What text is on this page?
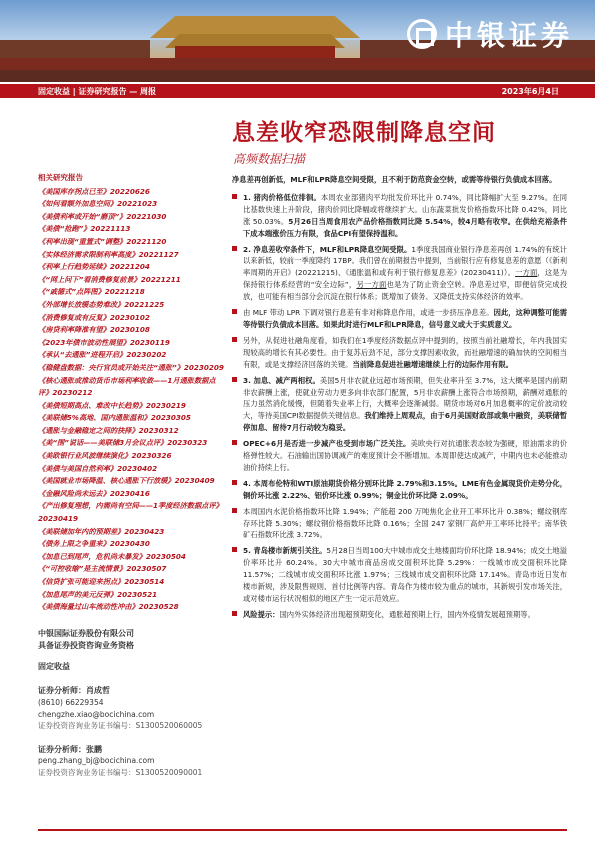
中银证券
固定收益 | 证券研究报告 — 周报	2023年6月4日
息差收窄恐限制降息空间
高频数据扫描
相关研究报告
《美国库存拐点已至》20220626
《如何看额外加息空间》20221023
《美债利率或开始“磨顶”》20221030
《美债“抢跑”》20221113
《利率出现“重置式”调整》20221120
《实体经济需求限制利率高度》20221127
《利率上行趋势延续》20221204
《“网上问下”看消费修复前景》20221211
《“戚德式”点阵图》20221218
《外部增长放缓态势难改》20221225
《消费修复或有反复》20230102
《房贷利率降准有望》20230108
《2023年债市波动性展望》20230119
《承认“去通胀”进程开启》20230202
《稳健盘数据：央行官员或开始关注“通胀”》20230209
《核心通胀或推动货币市场利率收敛——1月通胀数据点评》20230212
《美债短期高点、难改中长趋势》20230219
《美联储5%高地、国内通胀温和》20230305
《通胀与金融稳定之间的抉择》20230312
《美“围”说话——美联储3月会议点评》20230323
《美欧银行业风波继续演化》20230326
《美债与美国自然利率》20230402
《美国就业市场降温、核心通胀下行放缓》20230409
《金融风险尚未远去》20230416
《产出修复理想，内需尚有空间——1季度经济数据点评》20230419
《美联储加年内的预期差》20230423
《债务上限之争重来》20230430
《加息已到尾声，危机尚未暴发》20230504
《“可控收缩”是主流情景》20230507
《信贷扩张可能迎来拐点》20230514
《加息尾声的美元反弹》20230521
《美债海量过山车流动性冲击》20230528
中银国际证券股份有限公司
具备证券投资咨询业务资格
固定收益
证券分析师：肖成哲
(8610) 66229354
chengzhe.xiao@bocichina.com
证券投资咨询业务证书编号：S1300520060005
证券分析师：张鹏
peng.zhang_bj@bocichina.com
证券投资咨询业务证书编号：S1300520090001
净息差再创新低，MLF和LPR降息空间受限，且不利于防范资金空转，或需等待银行负债成本回落。
1. 猪肉价格低位徘徊。本周农业部猪肉平均批发价环比升 0.74%，同比降幅扩大至 9.27%。在同比基数快速上升阶段，猪肉价同比降幅或将继续扩大。山东蔬菜批发价格指数环比降 0.42%，同比涨 50.03%。5月26日当周食用农产品价格指数同比降 5.54%，较4月略有收窄。在供给充裕条件下成本端涨价压力有限，食品CPI有望保持温和。
2. 净息差收窄条件下，MLF和LPR降息空间受限。1季度我国商业银行净息差再创 1.74%的有统计以来新低，较前一季度降约 17BP。我们曾在前期报告中提到，当前银行应有修复息差的意愿（《新利率周期的开启》(20221215)、《通胀温和或有利于银行修复息差》(20230411)）。一方面，这是为保持银行体系经营的“安全边际”，另一方面也是为了防止资金空转。净息差过窄，即便信贷完成投放，也可能有相当部分会沉淀在银行体系；既增加了债务、又降低支持实体经济的效率。
由 MLF 带动 LPR 下调对银行息差有非对称降息作用，或进一步挤压净息差。因此，这种调整可能需等待银行负债成本回落。如果此时进行MLF和LPR降息，信号意义或大于实质意义。
另外，从促进社融角度看，如我们在1季度经济数据点评中提到的，按照当前社融增长，年内我国实现较高的增长有其必要性。由于复苏后劲不足，部分支撑因素收敛，而社融增速的确加快的空间相当有限，或是支撑经济回落的关键。当前降息促进社融增速继续上行的边际作用有限。
3. 加息、减产两相权。美国5月非农就业远超市场预期，但失业率升至 3.7%，这大概率是国内前期非农薪酬上涨，使就业劳动力更多向非农部门配置，5月非农薪酬上涨符合市场预期，薪酬对通胀的压力虽然消化缓慢，但随着失业率上行，大概率会逐渐减弱。期货市场对6月加息概率的定价波动较大，等待美国CPI数据提供关键信息。我们维持上周观点，由于6月美国财政部或集中融资，美联储暂停加息、留待7月行动较为稳妥。
OPEC+6月是否进一步减产也受到市场广泛关注。美欧央行对抗通胀表态较为强硬，原油需求的价格弹性较大。石油输出国协调减产的难度预计会不断增加。本周即使达成减产，中期内也未必能推动油价持续上行。
4. 本周布伦特和WTI原油期货价格分别环比降 2.79%和3.15%。LME有色金属现货价走势分化，铜价环比涨 2.22%、铝价环比涨 0.99%；铜金比价环比降 2.09%。
本周国内水泥价格指数环比降 1.94%；产能超 200 万吨焦化企业开工率环比升 0.38%；螺纹钢库存环比降 5.30%；螺纹钢价格指数环比降 0.16%；全国 247 家钢厂高炉开工率环比持平；南华铁矿石指数环比涨 3.72%。
5. 青岛楼市新规引关注。5月28日当周100大中城市成交土地楼面均价环比降 18.94%；成交土地溢价率环比升 60.24%。30大中城市商品房成交面积环比降 5.29%：一线城市成交面积环比降 11.57%；二线城市成交面积环比涨 1.97%；三线城市成交面积环比降 17.14%。青岛市近日发布楼市新规，涉及限售规则、首付比例等内容。青岛作为楼市较为重点的城市，其新规引发市场关注，或对楼市运行状况相似的地区产生一定示范效应。
风险提示：国内外实体经济出现超预期变化，通胀超预期上行，国内外疫情发展超预期等。
